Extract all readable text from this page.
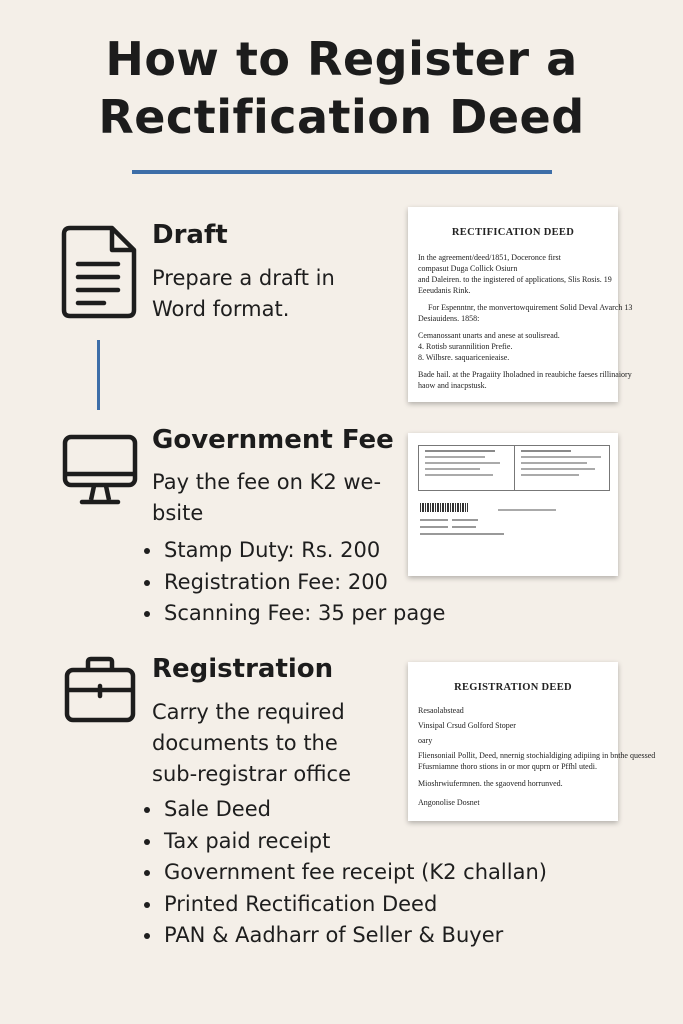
How to Register a
Rectification Deed
Draft
Prepare a draft in Word format.
RECTIFICATION DEED
In the agreement/deed/1851, Doceronce first
compasut Duga Collick Osiurn
and Daleiren. to the ingistered of applications, Slis Rosis. 19
Eeeudanis Rink.
For Espenntnr, the monvertowquirement Solid Deval Avarch 13
Desiauidens. 1858:
Cemanossant unarts and anese at soulisread.
4. Rotisb surannilition Prefie.
8. Wilbsre. saquaricenieaise.
Bade hail. at the Pragaiity Iholadned in reaubiche faeses rillinaiory
haow and inacpstusk.
Government Fee
Pay the fee on K2 we-bsite
Stamp Duty: Rs. 200
Registration Fee: 200
Scanning Fee: 35 per page
Registration
Carry the required documents to the sub-registrar office
Sale Deed
Tax paid receipt
Government fee receipt (K2 challan)
Printed Rectification Deed
PAN & Aadharr of Seller & Buyer
REGISTRATION DEED
Resaolabstead
Vinsipal Crsud Golford Stoper
oary
Fliensoniail Pollit, Deed, nnernig stochialdiging adipiing in bnthe quessed
Ffusrniamne thoro stions in or mor quprn or Pffhl utedi.
Mioshrwiufermnen. the sgaovend horrunved.
Angonolise Dosnet
